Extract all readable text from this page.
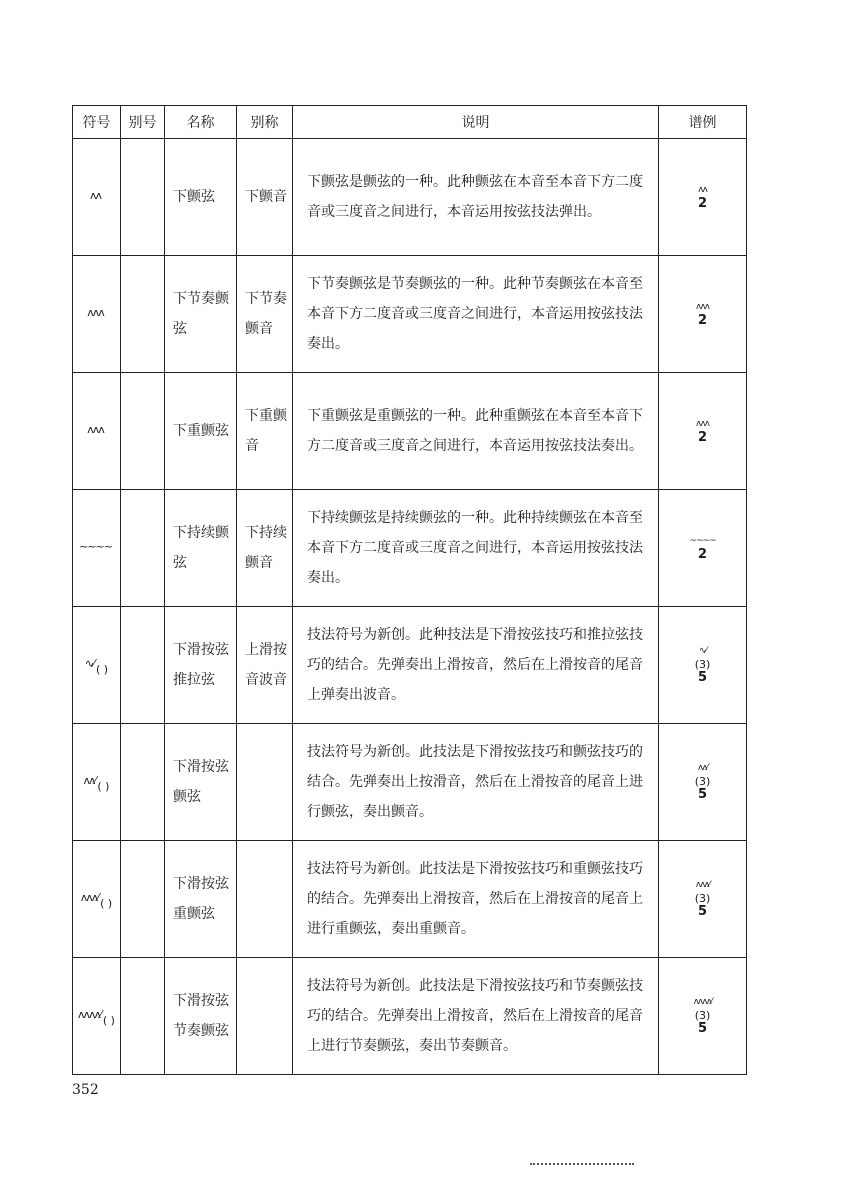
符号	别号	名称	别称	说明	谱例
ᴧᴧ		下颤弦	下颤音	下颤弦是颤弦的一种。此种颤弦在本音至本音下方二度音或三度音之间进行，本音运用按弦技法弹出。	ᴧᴧ
2

ᴧᴧᴧ		下节奏颤弦	下节奏颤音	下节奏颤弦是节奏颤弦的一种。此种节奏颤弦在本音至本音下方二度音或三度音之间进行，本音运用按弦技法奏出。	ᴧᴧᴧ
2

ᴧᴧᴧ		下重颤弦	下重颤音	下重颤弦是重颤弦的一种。此种重颤弦在本音至本音下方二度音或三度音之间进行，本音运用按弦技法奏出。	ᴧᴧᴧ
2

~~~~		下持续颤弦	下持续颤音	下持续颤弦是持续颤弦的一种。此种持续颤弦在本音至本音下方二度音或三度音之间进行，本音运用按弦技法奏出。	~~~~
2

∿⁄ $_{( )}$		下滑按弦推拉弦	上滑按音波音	技法符号为新创。此种技法是下滑按弦技巧和推拉弦技巧的结合。先弹奏出上滑按音，然后在上滑按音的尾音上弹奏出波音。	∿⁄
(3)
5

ᴧᴧ⁄ $_{( )}$		下滑按弦颤弦		技法符号为新创。此技法是下滑按弦技巧和颤弦技巧的结合。先弹奏出上按滑音，然后在上滑按音的尾音上进行颤弦，奏出颤音。	ᴧᴧ⁄
(3)
5

ᴧᴧᴧ⁄ $_{( )}$		下滑按弦重颤弦		技法符号为新创。此技法是下滑按弦技巧和重颤弦技巧的结合。先弹奏出上滑按音，然后在上滑按音的尾音上进行重颤弦，奏出重颤音。	ᴧᴧᴧ⁄
(3)
5

ᴧᴧᴧᴧ⁄ $_{( )}$		下滑按弦节奏颤弦		技法符号为新创。此技法是下滑按弦技巧和节奏颤弦技巧的结合。先弹奏出上滑按音，然后在上滑按音的尾音上进行节奏颤弦，奏出节奏颤音。	ᴧᴧᴧᴧ⁄
(3)
5
352
